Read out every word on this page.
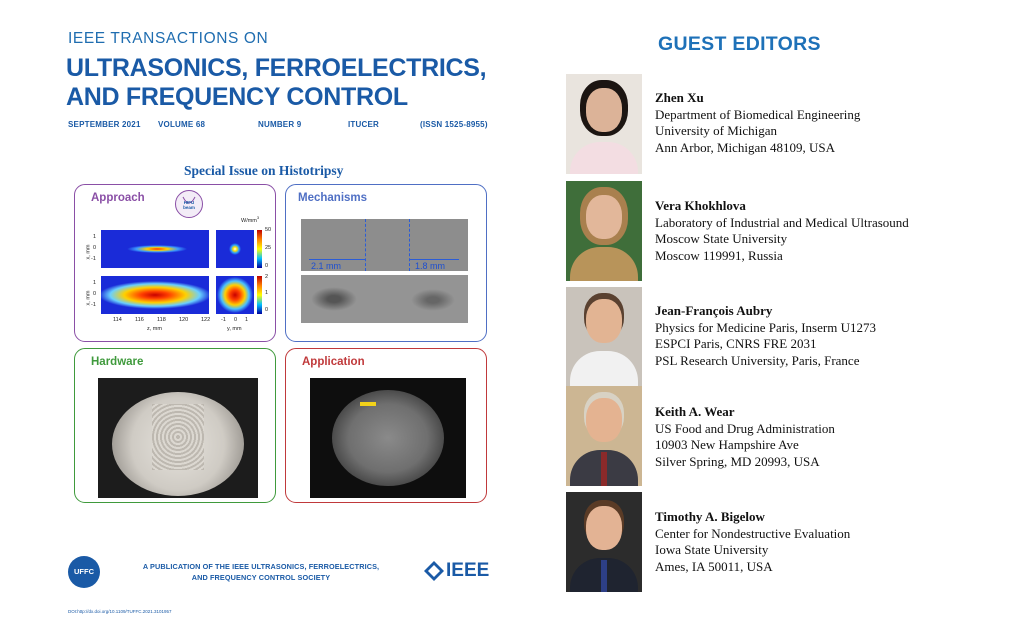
IEEE TRANSACTIONS ON
ULTRASONICS, FERROELECTRICS,
AND FREQUENCY CONTROL
SEPTEMBER 2021 VOLUME 68	NUMBER 9	ITUCER	(ISSN 1525-8955)
Special Issue on Histotripsy
Approach	HIFU
beam
$W/mm^3$
x, mm
x, mm
1
0
-1
1
0
-1
50
25
0
2
1
0
114 116 118 120 122
z, mm
-1 0 1
y, mm
Mechanisms
2.1 mm	1.8 mm
Hardware	Application
UFFC
A PUBLICATION OF THE IEEE ULTRASONICS, FERROELECTRICS, AND FREQUENCY CONTROL SOCIETY	IEEE
DOI:http://dx.doi.org/10.1109/TUFFC.2021.3101957
GUEST EDITORS
Zhen Xu
Department of Biomedical Engineering
University of Michigan
Ann Arbor, Michigan 48109, USA
Vera Khokhlova
Laboratory of Industrial and Medical Ultrasound
Moscow State University
Moscow 119991, Russia
Jean-François Aubry
Physics for Medicine Paris, Inserm U1273
ESPCI Paris, CNRS FRE 2031
PSL Research University, Paris, France
Keith A. Wear
US Food and Drug Administration
10903 New Hampshire Ave
Silver Spring, MD 20993, USA
Timothy A. Bigelow
Center for Nondestructive Evaluation
Iowa State University
Ames, IA 50011, USA
